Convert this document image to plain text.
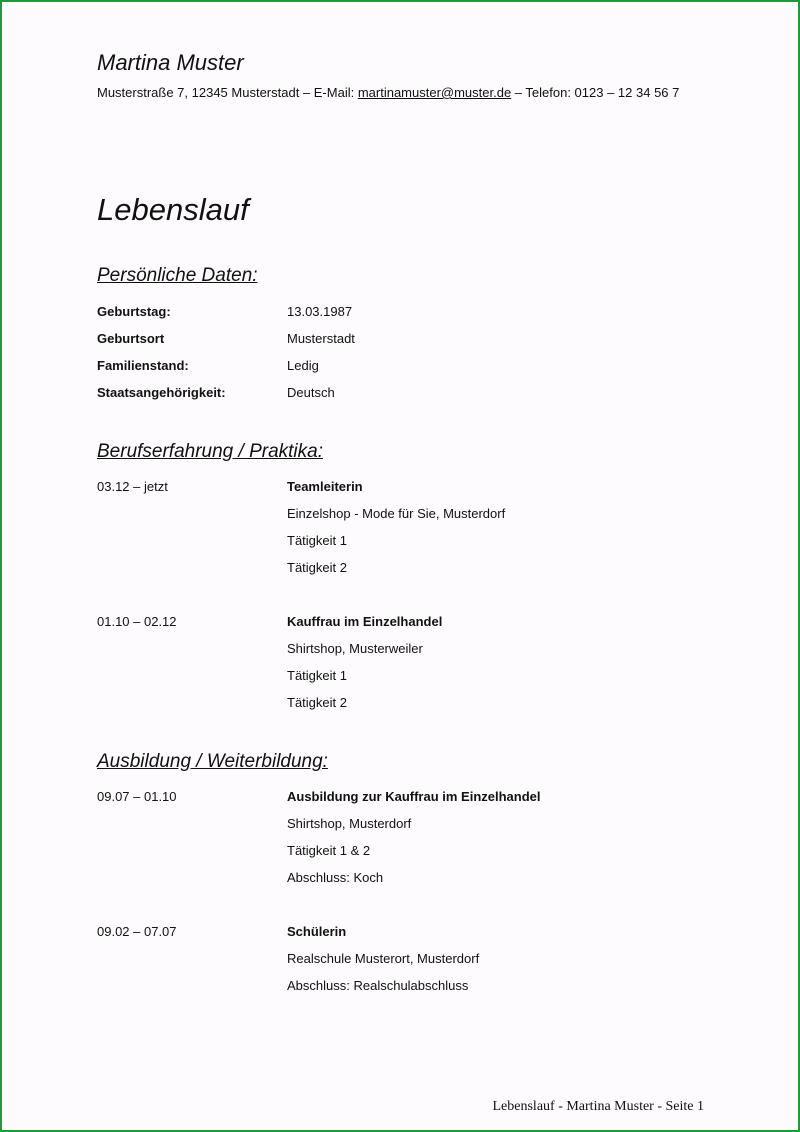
Martina Muster
Musterstraße 7, 12345 Musterstadt – E-Mail: martinamuster@muster.de – Telefon: 0123 – 12 34 56 7
Lebenslauf
Persönliche Daten:
Geburtstag:	13.03.1987
Geburtsort	Musterstadt
Familienstand:	Ledig
Staatsangehörigkeit:	Deutsch
Berufserfahrung / Praktika:
03.12 – jetzt	Teamleiterin
Einzelshop - Mode für Sie, Musterdorf
Tätigkeit 1
Tätigkeit 2
01.10 – 02.12	Kauffrau im Einzelhandel
Shirtshop, Musterweiler
Tätigkeit 1
Tätigkeit 2
Ausbildung / Weiterbildung:
09.07 – 01.10	Ausbildung zur Kauffrau im Einzelhandel
Shirtshop, Musterdorf
Tätigkeit 1 & 2
Abschluss: Koch
09.02 – 07.07	Schülerin
Realschule Musterort, Musterdorf
Abschluss: Realschulabschluss
Lebenslauf - Martina Muster - Seite 1
